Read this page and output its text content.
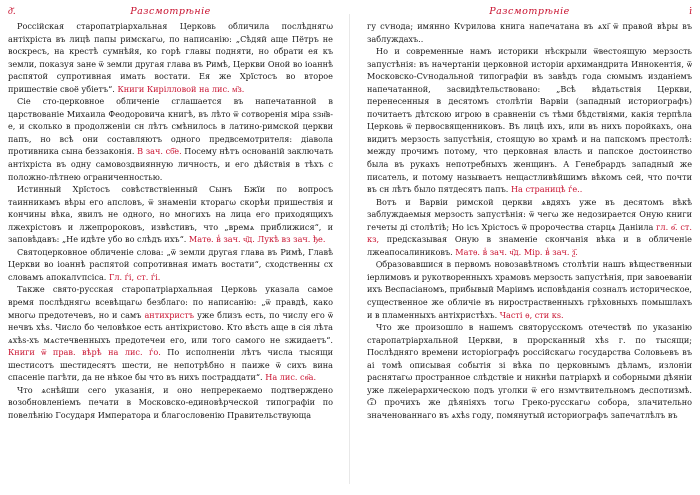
д҃.	Разсмотрѣніе

Россійская старопатріархальная Церковь обличила послѣднягω антіхріста въ лицѣ папы римскагω, по написанію: „Сѣдяй аще Пётръ не воскресъ, на крестѣ сумнѣйя, ко горѣ главы подняти, но обрати ея къ земли, показуя зане ѿ земли другая глава въ Римѣ, Церкви Онοй во іоаннѣ распятой супротивная имать востати. Ея же Хрїстосъ во второе пришествіе своё убіетъ“. Книги Кирілловой на лис. м҃з.

Сіе сто-церковное обличеніе сглашается въ напечатанной в царствованіе Михаила Феодоровича книгѣ, въ лѣто ѿ сотворенія міра ѕзн҃в-е, и сколько в продолженіи сн лѣтъ смѣнилось в латино-римской церкви папъ, но всѣ они составляютъ одного предвсемотрителя: діавола противника сына беззаконія. В зач. сб҃е. Посему нѣтъ основаній заключать антіхріста въ одну самовоздвиянную личность, и его дѣйствія в тѣхъ с положно-лѣтнею ограниченностью.

Истинный Хрїстосъ совѣствствіенный Сынъ Бжїи по вопросъ таинникамъ вѣры его апсловъ, ѿ знаменіи кторагω скорѣи пришествія и кончины вѣка, явилъ не одного, но многихъ на лица его приходящихъ лжехрістовъ и лжепророковъ, извѣстивъ, что „времѧ приближися“, и заповѣдавъ: „Не идѣте убо во слѣдъ ихъ“. Матѳ. в̾ зач. ч҃д. Лукѣ вз зач. ђе.

Святоцерковное обличеніе слова: „ѿ земли другая глава въ Римѣ, Главѣ Церкви во іоаннѣ распятой сопротивная имать востати“, сходственны сх словамъ апокалѵпсіса. Гл. ѓі, ст. ѓі.

Также свято-русская старопатріархальная Церковь указала самое время послѣднягω всевѣщагω безблаго: по написанію: „ѿ правдѣ, како многω предотечевъ, но и самъ антихристъ уже близъ есть, по числу его ѿ нечвъ хѣѕ. Число бо человѣкое есть антіхристово. Кто вѣсть аще в сія лѣта ѧхѣѕ-хъ мѧстечвенныхъ предотечеи его, или тοго самого не ѕжидаетъ“. Книги ѿ прав. вѣрѣ на лис. ѓо. По исполненіи лѣтъ числа тысящи шестисотъ шестидесятъ шести, не непотрѣбно н паиже ѿ сиxъ вина спасеніе пагѣти, да не нѣкое бы что въ нихъ постраддати“. На лис. сѳ҃а.

Что ѧснѣйши сего указанія, и оно непререкаемо подтверждено возобновленіемъ печати в Московско-единовѣрческой типографіи по повелѣнію Государя Императора и благословенію Правительствующа

Разсмотрѣніе	ї

гу сѵнода; имянно Кѵрилова книга напечатана въ ѧхі҃ ѿ правой вѣры въ заблуждахъ..

Но и современные намъ историки нѣскрыли ѿвестоящую мерзость запустѣнія: въ начертаніи церковной исторіи архимандрита Иннокентія, ѿ Московско-Сѵнодальной типографіи въ завѣдъ года сюмымъ изданіемъ напечатанной, засвидѣтельствовано: „Всѣ вѣдатьствія Церкви, перенесенныя в десятомъ столѣтіи Варвіи (западный историографъ) почитаетъ дѣтскою игрою в сравненіи съ тѣми бѣдствіями, какія терпѣла Церковь ѿ первосвященниковъ. Въ лицѣ ихъ, или въ нихъ поройкахъ, она видитъ мерзость запустѣнія, стоящую во храмѣ и на папскомъ престолѣ: между прочимъ потому, что церковная власть и папское достоинство была въ рукахъ непотребныхъ женщинъ. А Генебрардъ западный же писатель, и потому называетъ нещастливѣйшимъ вѣкомъ сей, что почти въ сн лѣтъ было пятдесятъ папъ. На страницѣ ѓе..

Вотъ и Варвіи римской церкви ѧвдяхъ уже въ десятомъ вѣкѣ заблуждаемыя мерзость запустѣнія: ѿ чегω же недозирается Оную книги гечеты ді столѣтіѣ; Но ісъ Хрістосъ ѿ пророчества старцѧ Даніила гл. ѳ҃. ст. кз, предсказывая Оную в знаменіе скончанія вѣка и в обличеніе лжеапосалиниковъ. Матѳ. в̾ зач. ч҃д. Мір. в̾ зач. ѯ҃.

Ѻбразовавшися в первомъ новозавѣтномъ столѣтіи нашъ вѣщественныи іерлимовъ и рукотворенныхъ храмовъ мерзость запустѣнія, при завоеваніи ихъ Веспасіаномъ, прибывый Маріимъ исповѣданія созналъ историческое, существенное же обличіе въ ниростраственныхъ грѣховныхъ помышлахъ и в пламенныхъ антіхристѣхъ. Часті ѳ, сти кѕ.

Что же произошло в нашемъ святорусскомъ отечествѣ по указанію старопатріархальной Церкви, в прорсканный хѣѕ г. по тысящи; Послѣдняго времени исторіографъ россійскагω государства Соловьевъ въ аі томѣ описывая событія зі вѣка по церковнымъ дѣламъ, излоніи раснятагω пространное слѣдствіе и никнѣи патріархѣ и соборными дѣяніи уже лжеіерархическою подъ уголки ѿ его нзмѵтвительномъ деспотизмѣ. Ѿ прочихъ же дѣяніяхъ тогω Греко-русскагω собора, злачительно значенованнаго въ ѧхѣѕ году, помянутый историографъ запечатлѣлъ въ
